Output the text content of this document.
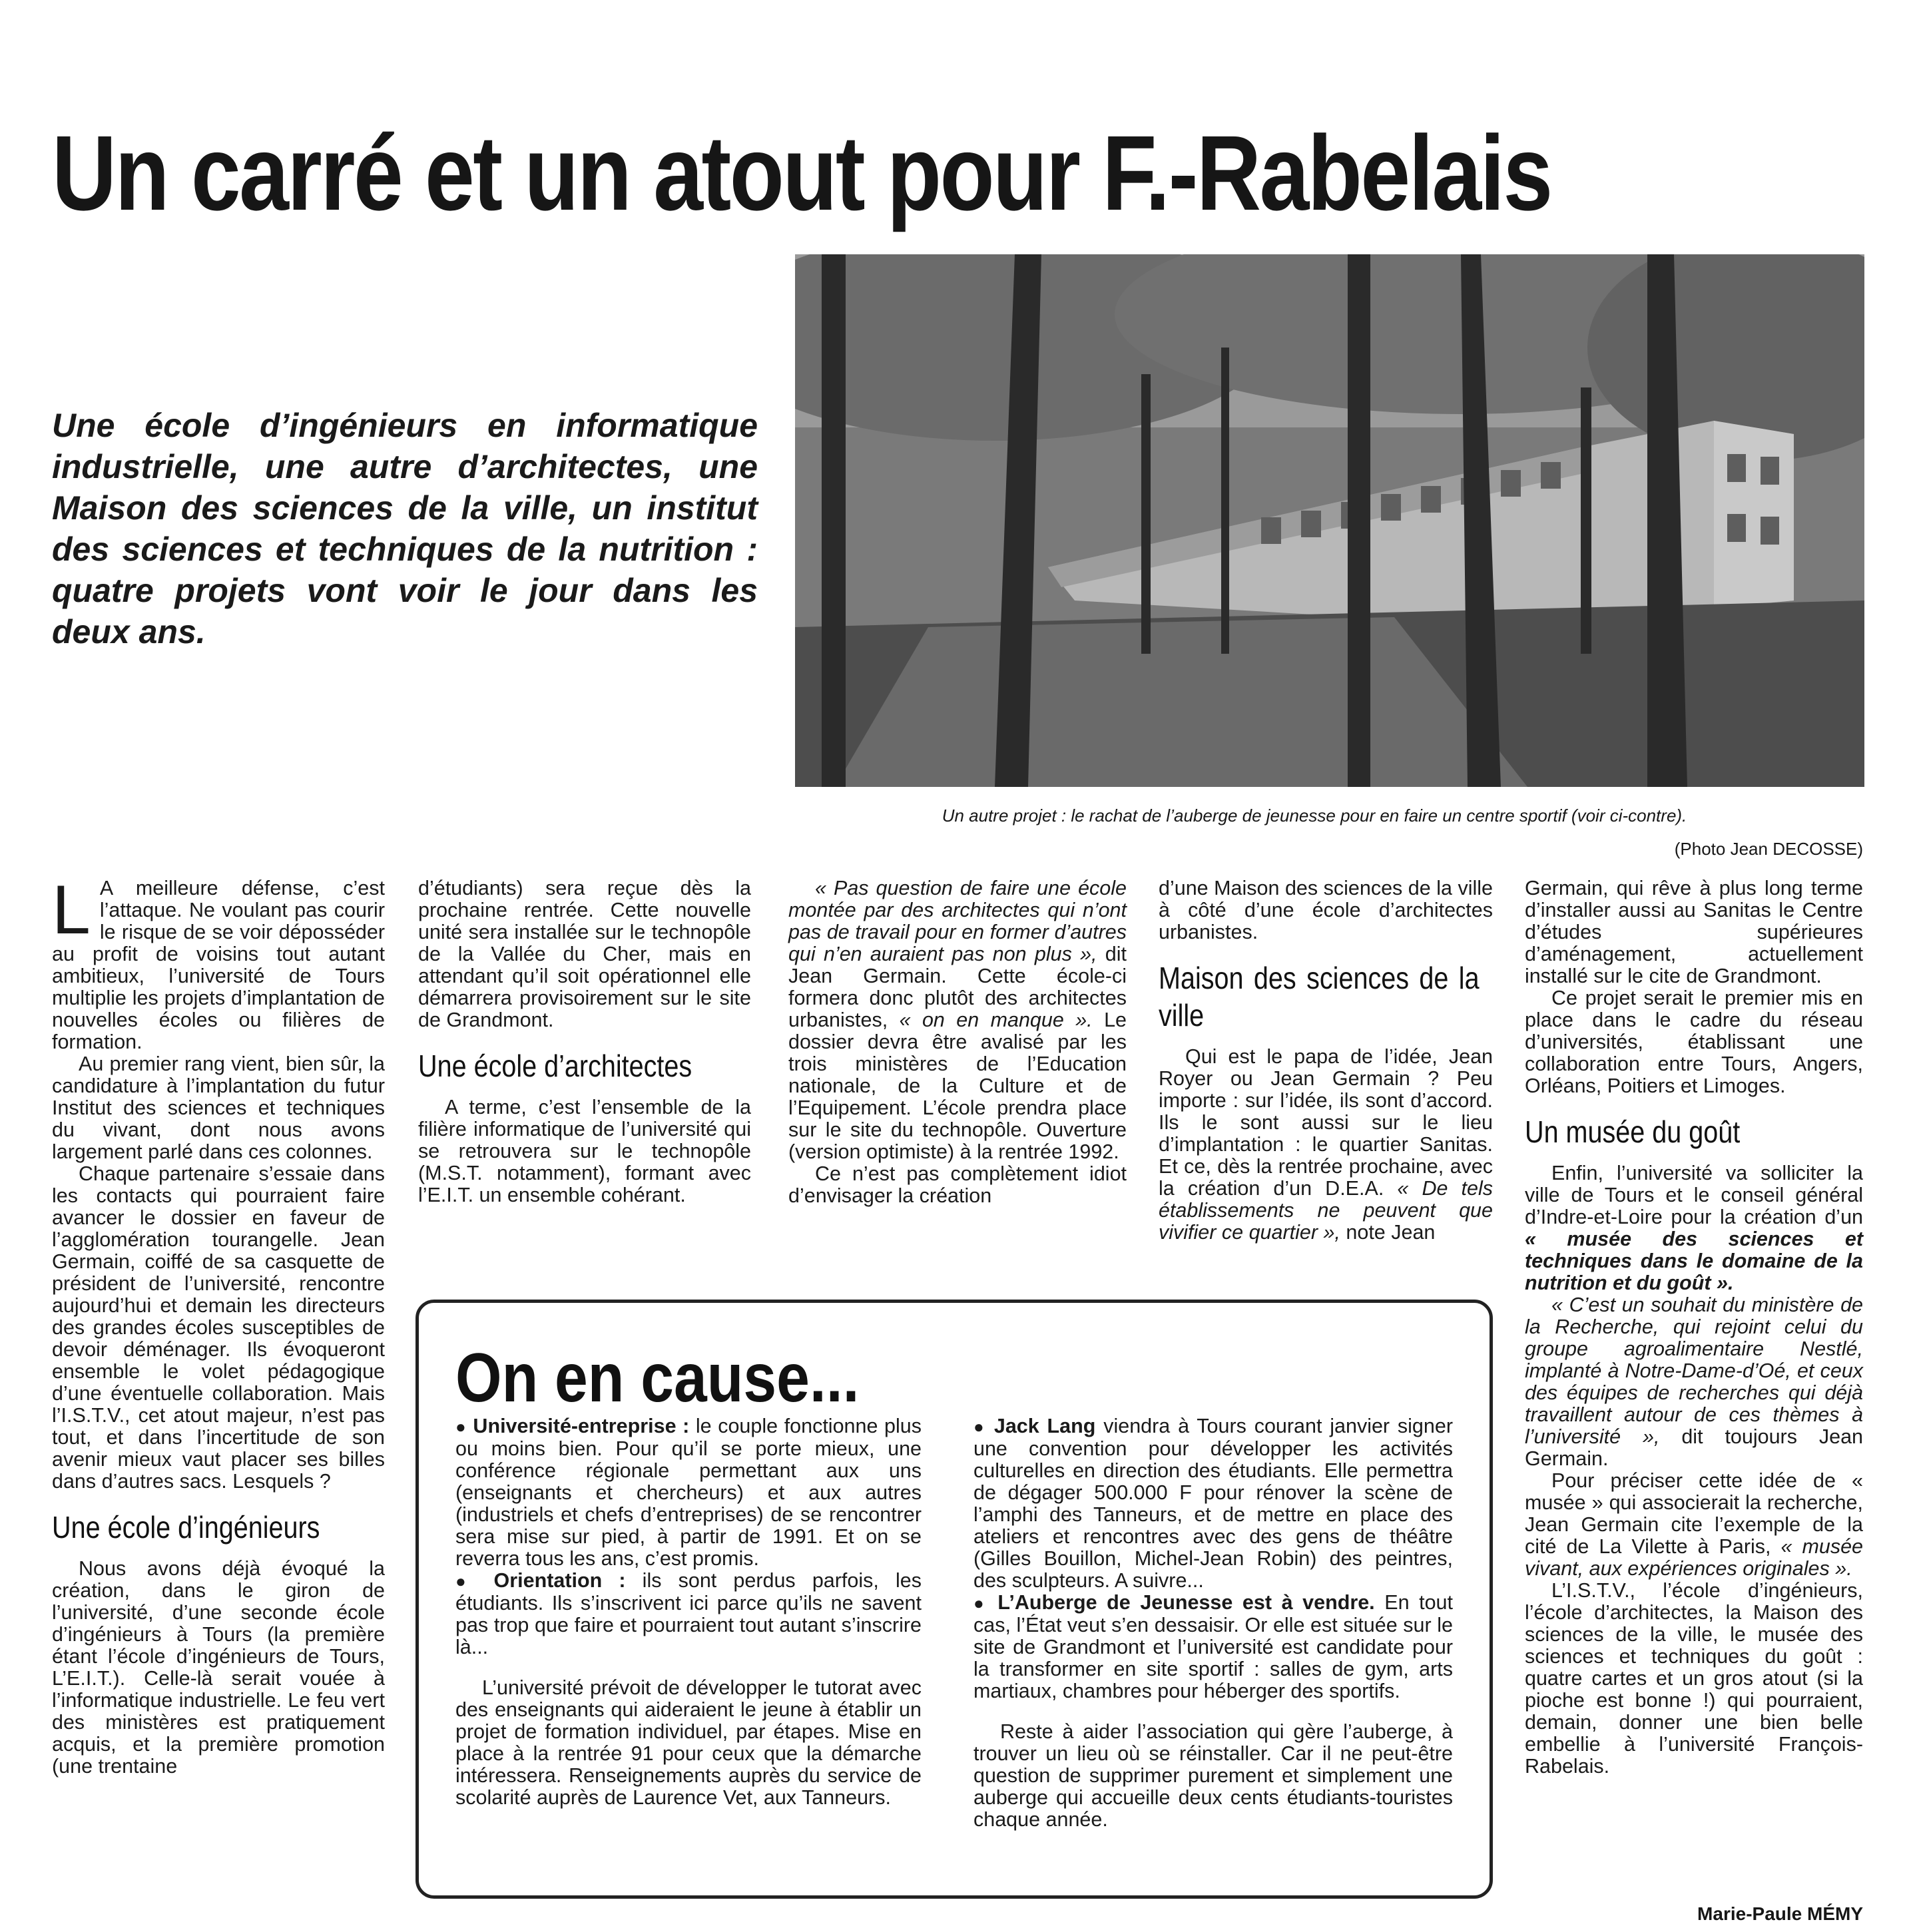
Un carré et un atout pour F.-Rabelais

Une école d’ingénieurs en informatique industrielle, une autre d’architectes, une Maison des sciences de la ville, un institut des sciences et techniques de la nutrition : quatre projets vont voir le jour dans les deux ans.

Un autre projet : le rachat de l’auberge de jeunesse pour en faire un centre sportif (voir ci-contre).

(Photo Jean DECOSSE)

L A meilleure défense, c’est l’attaque. Ne voulant pas courir le risque de se voir déposséder au profit de voisins tout autant ambitieux, l’université de Tours multiplie les projets d’implantation de nouvelles écoles ou filières de formation.

Au premier rang vient, bien sûr, la candidature à l’implantation du futur Institut des sciences et techniques du vivant, dont nous avons largement parlé dans ces colonnes.

Chaque partenaire s’essaie dans les contacts qui pourraient faire avancer le dossier en faveur de l’agglomération tourangelle. Jean Germain, coiffé de sa casquette de président de l’université, rencontre aujourd’hui et demain les directeurs des grandes écoles susceptibles de devoir déménager. Ils évoqueront ensemble le volet pédagogique d’une éventuelle collaboration. Mais l’I.S.T.V., cet atout majeur, n’est pas tout, et dans l’incertitude de son avenir mieux vaut placer ses billes dans d’autres sacs. Lesquels ?

Une école d’ingénieurs

Nous avons déjà évoqué la création, dans le giron de l’université, d’une seconde école d’ingénieurs à Tours (la première étant l’école d’ingénieurs de Tours, L’E.I.T.). Celle-là serait vouée à l’informatique industrielle. Le feu vert des ministères est pratiquement acquis, et la première promotion (une trentaine

d’étudiants) sera reçue dès la prochaine rentrée. Cette nouvelle unité sera installée sur le technopôle de la Vallée du Cher, mais en attendant qu’il soit opérationnel elle démarrera provisoirement sur le site de Grandmont.

Une école d’architectes

A terme, c’est l’ensemble de la filière informatique de l’université qui se retrouvera sur le technopôle (M.S.T. notamment), formant avec l’E.I.T. un ensemble cohérant.

« Pas question de faire une école montée par des architectes qui n’ont pas de travail pour en former d’autres qui n’en auraient pas non plus », dit Jean Germain. Cette école-ci formera donc plutôt des architectes urbanistes, « on en manque ». Le dossier devra être avalisé par les trois ministères de l’Education nationale, de la Culture et de l’Equipement. L’école prendra place sur le site du technopôle. Ouverture (version optimiste) à la rentrée 1992.

Ce n’est pas complètement idiot d’envisager la création

d’une Maison des sciences de la ville à côté d’une école d’architectes urbanistes.

Maison des sciences de la ville

Qui est le papa de l’idée, Jean Royer ou Jean Germain ? Peu importe : sur l’idée, ils sont d’accord. Ils le sont aussi sur le lieu d’implantation : le quartier Sanitas. Et ce, dès la rentrée prochaine, avec la création d’un D.E.A. « De tels établissements ne peuvent que vivifier ce quartier », note Jean

Germain, qui rêve à plus long terme d’installer aussi au Sanitas le Centre d’études supérieures d’aménagement, actuellement installé sur le cite de Grandmont.

Ce projet serait le premier mis en place dans le cadre du réseau d’universités, établissant une collaboration entre Tours, Angers, Orléans, Poitiers et Limoges.

Un musée du goût

Enfin, l’université va solliciter la ville de Tours et le conseil général d’Indre-et-Loire pour la création d’un « musée des sciences et techniques dans le domaine de la nutrition et du goût ».

« C’est un souhait du ministère de la Recherche, qui rejoint celui du groupe agroalimentaire Nestlé, implanté à Notre-Dame-d’Oé, et ceux des équipes de recherches qui déjà travaillent autour de ces thèmes à l’université », dit toujours Jean Germain.

Pour préciser cette idée de « musée » qui associerait la recherche, Jean Germain cite l’exemple de la cité de La Vilette à Paris, « musée vivant, aux expériences originales ».

L’I.S.T.V., l’école d’ingénieurs, l’école d’architectes, la Maison des sciences de la ville, le musée des sciences et techniques du goût : quatre cartes et un gros atout (si la pioche est bonne !) qui pourraient, demain, donner une bien belle embellie à l’université François-Rabelais.

On en cause...

● Université-entreprise : le couple fonctionne plus ou moins bien. Pour qu’il se porte mieux, une conférence régionale permettant aux uns (enseignants et chercheurs) et aux autres (industriels et chefs d’entreprises) de se rencontrer sera mise sur pied, à partir de 1991. Et on se reverra tous les ans, c’est promis.

● Orientation : ils sont perdus parfois, les étudiants. Ils s’inscrivent ici parce qu’ils ne savent pas trop que faire et pourraient tout autant s’inscrire là...

L’université prévoit de développer le tutorat avec des enseignants qui aideraient le jeune à établir un projet de formation individuel, par étapes. Mise en place à la rentrée 91 pour ceux que la démarche intéressera. Renseignements auprès du service de scolarité auprès de Laurence Vet, aux Tanneurs.

● Jack Lang viendra à Tours courant janvier signer une convention pour développer les activités culturelles en direction des étudiants. Elle permettra de dégager 500.000 F pour rénover la scène de l’amphi des Tanneurs, et de mettre en place des ateliers et rencontres avec des gens de théâtre (Gilles Bouillon, Michel-Jean Robin) des peintres, des sculpteurs. A suivre...

● L’Auberge de Jeunesse est à vendre. En tout cas, l’État veut s’en dessaisir. Or elle est située sur le site de Grandmont et l’université est candidate pour la transformer en site sportif : salles de gym, arts martiaux, chambres pour héberger des sportifs.

Reste à aider l’association qui gère l’auberge, à trouver un lieu où se réinstaller. Car il ne peut-être question de supprimer purement et simplement une auberge qui accueille deux cents étudiants-touristes chaque année.

Marie-Paule MÉMY
